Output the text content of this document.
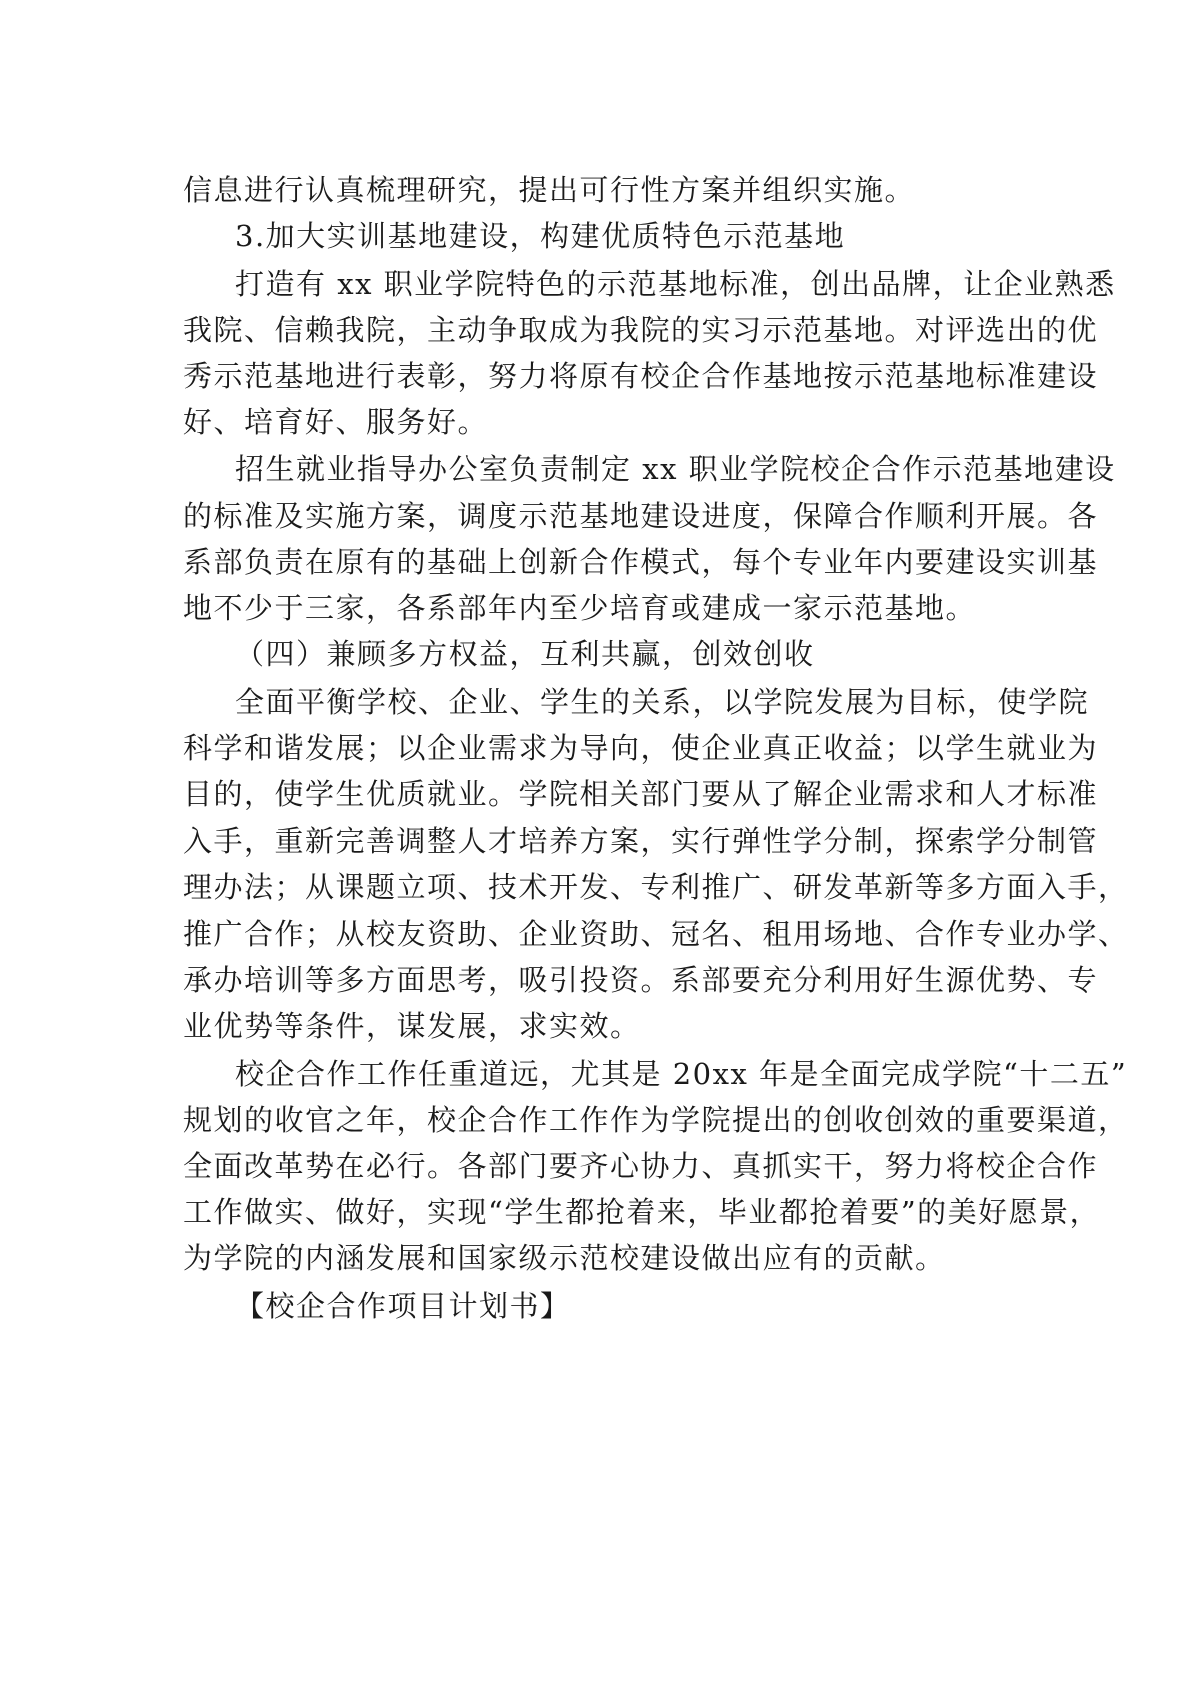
信息进行认真梳理研究，提出可行性方案并组织实施。
3.加大实训基地建设，构建优质特色示范基地
打造有 xx 职业学院特色的示范基地标准，创出品牌，让企业熟悉
我院、信赖我院，主动争取成为我院的实习示范基地。对评选出的优
秀示范基地进行表彰，努力将原有校企合作基地按示范基地标准建设
好、培育好、服务好。
招生就业指导办公室负责制定 xx 职业学院校企合作示范基地建设
的标准及实施方案，调度示范基地建设进度，保障合作顺利开展。各
系部负责在原有的基础上创新合作模式，每个专业年内要建设实训基
地不少于三家，各系部年内至少培育或建成一家示范基地。
（四）兼顾多方权益，互利共赢，创效创收
全面平衡学校、企业、学生的关系，以学院发展为目标，使学院
科学和谐发展；以企业需求为导向，使企业真正收益；以学生就业为
目的，使学生优质就业。学院相关部门要从了解企业需求和人才标准
入手，重新完善调整人才培养方案，实行弹性学分制，探索学分制管
理办法；从课题立项、技术开发、专利推广、研发革新等多方面入手，
推广合作；从校友资助、企业资助、冠名、租用场地、合作专业办学、
承办培训等多方面思考，吸引投资。系部要充分利用好生源优势、专
业优势等条件，谋发展，求实效。
校企合作工作任重道远，尤其是 20xx 年是全面完成学院“十二五”
规划的收官之年，校企合作工作作为学院提出的创收创效的重要渠道，
全面改革势在必行。各部门要齐心协力、真抓实干，努力将校企合作
工作做实、做好，实现“学生都抢着来，毕业都抢着要”的美好愿景，
为学院的内涵发展和国家级示范校建设做出应有的贡献。
【校企合作项目计划书】
